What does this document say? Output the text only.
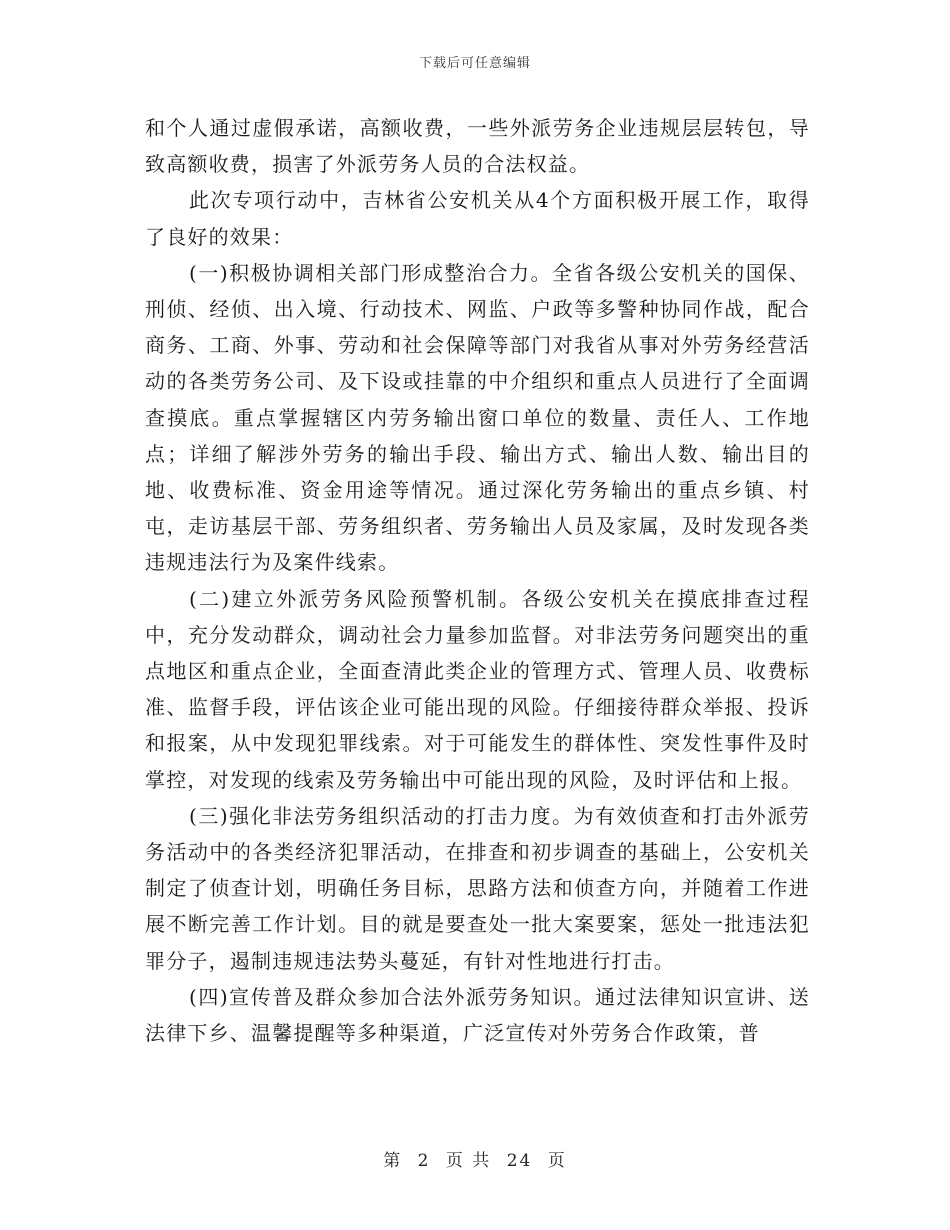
下载后可任意编辑

和个人通过虚假承诺，高额收费，一些外派劳务企业违规层层转包，导致高额收费，损害了外派劳务人员的合法权益。

此次专项行动中，吉林省公安机关从4个方面积极开展工作，取得了良好的效果：

(一)积极协调相关部门形成整治合力。全省各级公安机关的国保、刑侦、经侦、出入境、行动技术、网监、户政等多警种协同作战，配合商务、工商、外事、劳动和社会保障等部门对我省从事对外劳务经营活动的各类劳务公司、及下设或挂靠的中介组织和重点人员进行了全面调查摸底。重点掌握辖区内劳务输出窗口单位的数量、责任人、工作地点；详细了解涉外劳务的输出手段、输出方式、输出人数、输出目的地、收费标准、资金用途等情况。通过深化劳务输出的重点乡镇、村屯，走访基层干部、劳务组织者、劳务输出人员及家属，及时发现各类违规违法行为及案件线索。

(二)建立外派劳务风险预警机制。各级公安机关在摸底排查过程中，充分发动群众，调动社会力量参加监督。对非法劳务问题突出的重点地区和重点企业，全面查清此类企业的管理方式、管理人员、收费标准、监督手段，评估该企业可能出现的风险。仔细接待群众举报、投诉和报案，从中发现犯罪线索。对于可能发生的群体性、突发性事件及时掌控，对发现的线索及劳务输出中可能出现的风险，及时评估和上报。

(三)强化非法劳务组织活动的打击力度。为有效侦查和打击外派劳务活动中的各类经济犯罪活动，在排查和初步调查的基础上，公安机关制定了侦查计划，明确任务目标，思路方法和侦查方向，并随着工作进展不断完善工作计划。目的就是要查处一批大案要案，惩处一批违法犯罪分子，遏制违规违法势头蔓延，有针对性地进行打击。

(四)宣传普及群众参加合法外派劳务知识。通过法律知识宣讲、送法律下乡、温馨提醒等多种渠道，广泛宣传对外劳务合作政策，普

第 2 页 共 24 页
